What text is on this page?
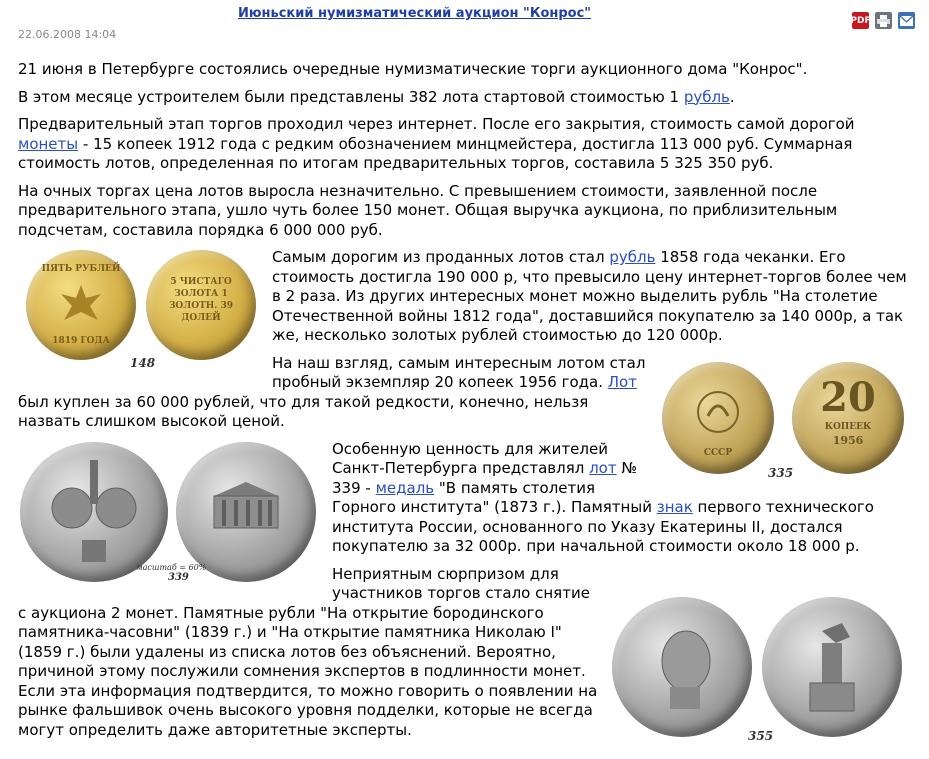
Июньский нумизматический аукцион "Конрос"	PDF
22.06.2008 14:04

21 июня в Петербурге состоялись очередные нумизматические торги аукционного дома "Конрос".

В этом месяце устроителем были представлены 382 лота стартовой стоимостью 1 рубль.

Предварительный этап торгов проходил через интернет. После его закрытия, стоимость самой дорогой монеты - 15 копеек 1912 года с редким обозначением минцмейстера, достигла 113 000 руб. Суммарная стоимость лотов, определенная по итогам предварительных торгов, составила 5 325 350 руб.

На очных торгах цена лотов выросла незначительно. С превышением стоимости, заявленной после предварительного этапа, ушло чуть более 150 монет. Общая выручка аукциона, по приблизительным подсчетам, составила порядка 6 000 000 руб.

ПЯТЬ РУБЛЕЙ
1819 ГОДА
5 ЧИСТАГО ЗОЛОТА 1 ЗОЛОТН. 39 ДОЛЕЙ
148

Самым дорогим из проданных лотов стал рубль 1858 года чеканки. Его стоимость достигла 190 000 р, что превысило цену интернет-торгов более чем в 2 раза. Из других интересных монет можно выделить рубль "На столетие Отечественной войны 1812 года", доставшийся покупателю за 140 000р, а так же, несколько золотых рублей стоимостью до 120 000р.

СССР
20
КОПЕЕК
1956
335

На наш взгляд, самым интересным лотом стал пробный экземпляр 20 копеек 1956 года. Лот был куплен за 60 000 рублей, что для такой редкости, конечно, нельзя назвать слишком высокой ценой.

масштаб = 60%
339

Особенную ценность для жителей Санкт-Петербурга представлял лот № 339 - медаль "В память столетия Горного института" (1873 г.). Памятный знак первого технического института России, основанного по Указу Екатерины II, достался покупателю за 32 000р. при начальной стоимости около 18 000 р.

355

Неприятным сюрпризом для участников торгов стало снятие с аукциона 2 монет. Памятные рубли "На открытие бородинского памятника-часовни" (1839 г.) и "На открытие памятника Николаю I" (1859 г.) были удалены из списка лотов без объяснений. Вероятно, причиной этому послужили сомнения экспертов в подлинности монет. Если эта информация подтвердится, то можно говорить о появлении на рынке фальшивок очень высокого уровня подделки, которые не всегда могут определить даже авторитетные эксперты.
